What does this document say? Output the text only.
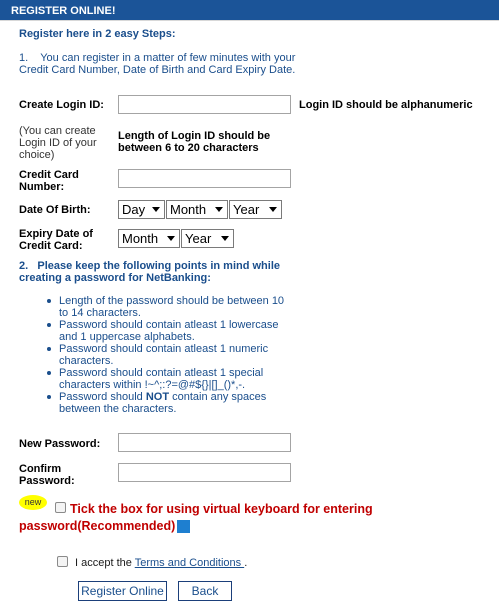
REGISTER ONLINE!
Register here in 2 easy Steps:
1. You can register in a matter of few minutes with your Credit Card Number, Date of Birth and Card Expiry Date.
Create Login ID:	Login ID should be alphanumeric
(You can create Login ID of your choice)
Length of Login ID should be between 6 to 20 characters
Credit Card Number:
Date Of Birth:	Day	Month	Year
Expiry Date of Credit Card:	Month	Year
2. Please keep the following points in mind while creating a password for NetBanking:
Length of the password should be between 10 to 14 characters.
Password should contain atleast 1 lowercase and 1 uppercase alphabets.
Password should contain atleast 1 numeric characters.
Password should contain atleast 1 special characters within !~^;:?=@#${}|[]_()*,-.
Password should NOT contain any spaces between the characters.
New Password:
Confirm Password:
new	Tick the box for using virtual keyboard for entering password(Recommended)	?
I accept the Terms and Conditions .
Register Online	Back
